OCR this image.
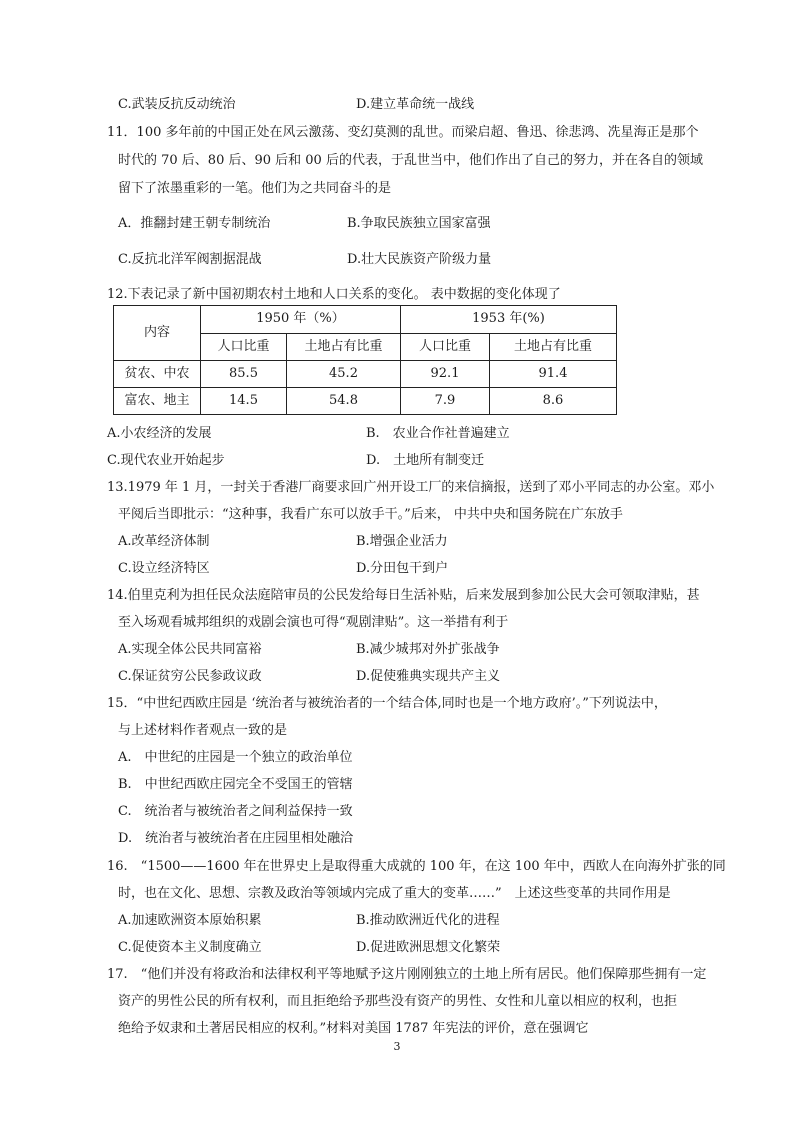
C.武装反抗反动统治	D.建立革命统一战线
11．100 多年前的中国正处在风云激荡、变幻莫测的乱世。而梁启超、鲁迅、徐悲鸿、冼星海正是那个
时代的 70 后、80 后、90 后和 00 后的代表，于乱世当中，他们作出了自己的努力，并在各自的领域
留下了浓墨重彩的一笔。他们为之共同奋斗的是
A．推翻封建王朝专制统治	B.争取民族独立国家富强
C.反抗北洋军阀割据混战	D.壮大民族资产阶级力量
12.下表记录了新中国初期农村土地和人口关系的变化。 表中数据的变化体现了
内容	1950 年（%）		1953 年(%)	
	人口比重	土地占有比重	人口比重	土地占有比重
贫农、中农	85.5	45.2	92.1	91.4
富农、地主	14.5	54.8	7.9	8.6
A.小农经济的发展	B.　农业合作社普遍建立
C.现代农业开始起步	D.　土地所有制变迁
13.1979 年 1 月，一封关于香港厂商要求回广州开设工厂的来信摘报，送到了邓小平同志的办公室。邓小
平阅后当即批示：“这种事，我看广东可以放手干。”后来， 中共中央和国务院在广东放手
A.改革经济体制	B.增强企业活力
C.设立经济特区	D.分田包干到户
14.伯里克利为担任民众法庭陪审员的公民发给每日生活补贴，后来发展到参加公民大会可领取津贴，甚
至入场观看城邦组织的戏剧会演也可得“观剧津贴”。这一举措有利于
A.实现全体公民共同富裕	B.减少城邦对外扩张战争
C.保证贫穷公民参政议政	D.促使雅典实现共产主义
15．“中世纪西欧庄园是 ‘统治者与被统治者的一个结合体,同时也是一个地方政府’。”下列说法中，
与上述材料作者观点一致的是
A.　中世纪的庄园是一个独立的政治单位
B.　中世纪西欧庄园完全不受国王的管辖
C.　统治者与被统治者之间利益保持一致
D.　统治者与被统治者在庄园里相处融洽
16.　“1500——1600 年在世界史上是取得重大成就的 100 年，在这 100 年中，西欧人在向海外扩张的同
时，也在文化、思想、宗教及政治等领域内完成了重大的变革……”　上述这些变革的共同作用是
A.加速欧洲资本原始积累	B.推动欧洲近代化的进程
C.促使资本主义制度确立	D.促进欧洲思想文化繁荣
17.　“他们并没有将政治和法律权利平等地赋予这片刚刚独立的土地上所有居民。他们保障那些拥有一定
资产的男性公民的所有权利，而且拒绝给予那些没有资产的男性、女性和儿童以相应的权利，也拒
绝给予奴隶和土著居民相应的权利。”材料对美国 1787 年宪法的评价，意在强调它
3
